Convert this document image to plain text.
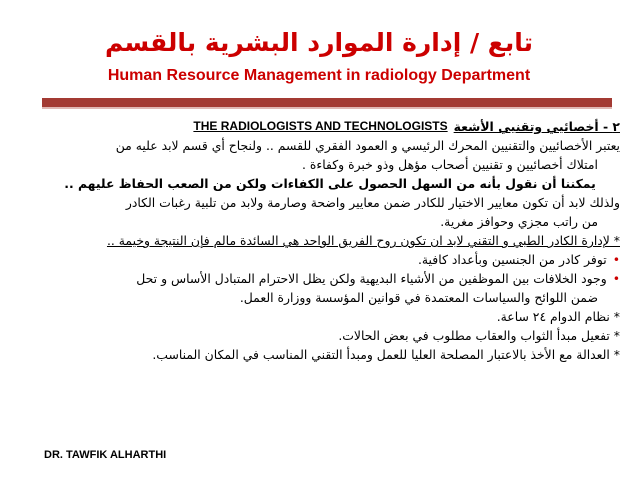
تابع / إدارة الموارد البشرية بالقسم
Human Resource Management in radiology Department
٢ - أخصائيي وتقنيي الأشعة
THE RADIOLOGISTS AND TECHNOLOGISTS
يعتبر الأخصائيين والتقنيين المحرك الرئيسي و العمود الفقري للقسم .. ولنجاح أي قسم لابد عليه من
امتلاك أخصائيين و تقنيين أصحاب مؤهل وذو خبرة وكفاءة .
يمكننا أن نقول بأنه من السهل الحصول على الكفاءات ولكن من الصعب الحفاظ عليهم ..
ولذلك لابد أن تكون معايير الاختيار للكادر ضمن معايير واضحة وصارمة ولابد من تلبية رغبات الكادر
من راتب مجزي وحوافز مغرية.
* لإدارة الكادر الطبي و التقني لابد ان تكون روح الفريق الواحد هي السائدة مالم فإن النتيجة وخيمة ..
•توفر كادر من الجنسين وبأعداد كافية.
•وجود الخلافات بين الموظفين من الأشياء البديهية ولكن يظل الاحترام المتبادل الأساس و تحل
ضمن اللوائح والسياسات المعتمدة في قوانين المؤسسة ووزارة العمل.
* نظام الدوام ٢٤ ساعة.
* تفعيل مبدأ الثواب والعقاب مطلوب في بعض الحالات.
* العدالة مع الأخذ بالاعتبار المصلحة العليا للعمل ومبدأ التقني المناسب في المكان المناسب.
DR. TAWFIK ALHARTHI
